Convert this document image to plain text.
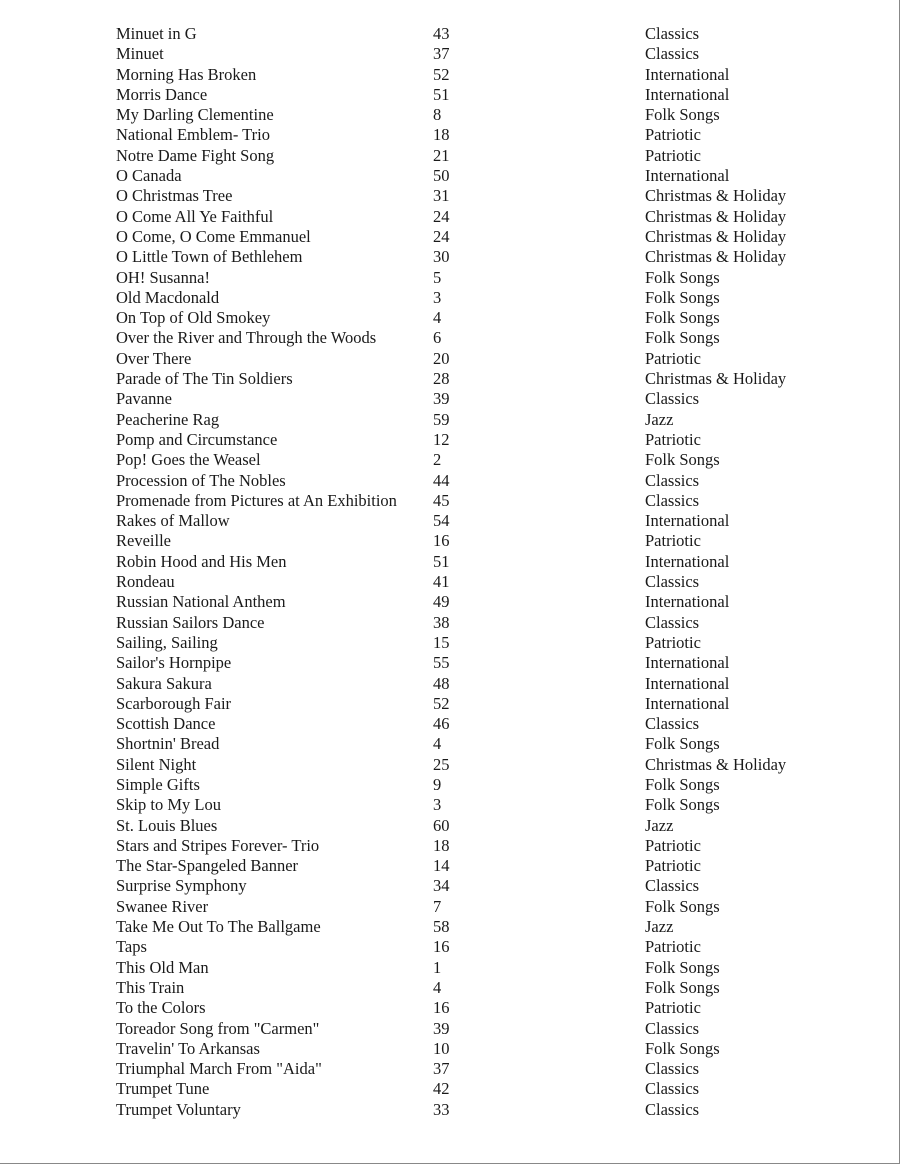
Minuet in G	43	Classics
Minuet	37	Classics
Morning Has Broken	52	International
Morris Dance	51	International
My Darling Clementine	8	Folk Songs
National Emblem- Trio	18	Patriotic
Notre Dame Fight Song	21	Patriotic
O Canada	50	International
O Christmas Tree	31	Christmas & Holiday
O Come All Ye Faithful	24	Christmas & Holiday
O Come, O Come Emmanuel	24	Christmas & Holiday
O Little Town of Bethlehem	30	Christmas & Holiday
OH! Susanna!	5	Folk Songs
Old Macdonald	3	Folk Songs
On Top of Old Smokey	4	Folk Songs
Over the River and Through the Woods	6	Folk Songs
Over There	20	Patriotic
Parade of The Tin Soldiers	28	Christmas & Holiday
Pavanne	39	Classics
Peacherine Rag	59	Jazz
Pomp and Circumstance	12	Patriotic
Pop! Goes the Weasel	2	Folk Songs
Procession of The Nobles	44	Classics
Promenade from Pictures at An Exhibition 45	Classics
Rakes of Mallow	54	International
Reveille	16	Patriotic
Robin Hood and His Men	51	International
Rondeau	41	Classics
Russian National Anthem	49	International
Russian Sailors Dance	38	Classics
Sailing, Sailing	15	Patriotic
Sailor's Hornpipe	55	International
Sakura Sakura	48	International
Scarborough Fair	52	International
Scottish Dance	46	Classics
Shortnin' Bread	4	Folk Songs
Silent Night	25	Christmas & Holiday
Simple Gifts	9	Folk Songs
Skip to My Lou	3	Folk Songs
St. Louis Blues	60	Jazz
Stars and Stripes Forever- Trio	18	Patriotic
The Star-Spangeled Banner	14	Patriotic
Surprise Symphony	34	Classics
Swanee River	7	Folk Songs
Take Me Out To The Ballgame	58	Jazz
Taps	16	Patriotic
This Old Man	1	Folk Songs
This Train	4	Folk Songs
To the Colors	16	Patriotic
Toreador Song from "Carmen"	39	Classics
Travelin' To Arkansas	10	Folk Songs
Triumphal March From "Aida"	37	Classics
Trumpet Tune	42	Classics
Trumpet Voluntary	33	Classics
